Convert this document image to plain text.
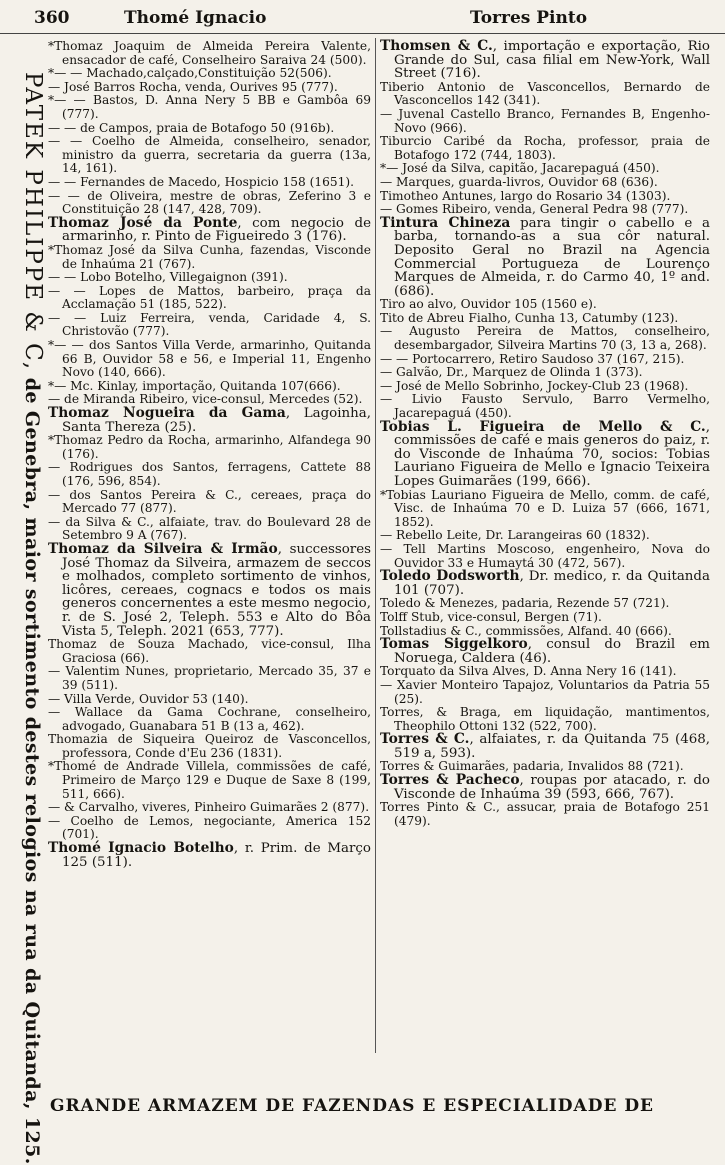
360	Thomé Ignacio	Torres Pinto
PATEK PHILIPPE & C, de Genebra, maior sortimento destes relogios na rua da Quitanda, 125.
*Thomaz Joaquim de Almeida Pereira Valente, ensacador de café, Conselheiro Saraiva 24 (500).
*— — Machado,calçado,Constituição 52(506).
— José Barros Rocha, venda, Ourives 95 (777).
*— — Bastos, D. Anna Nery 5 BB e Gambôa 69 (777).
— — de Campos, praia de Botafogo 50 (916b).
— — Coelho de Almeida, conselheiro, senador, ministro da guerra, secretaria da guerra (13a, 14, 161).
— — Fernandes de Macedo, Hospicio 158 (1651).
— — de Oliveira, mestre de obras, Zeferino 3 e Constituição 28 (147, 428, 709).
Thomaz José da Ponte, com negocio de armarinho, r. Pinto de Figueiredo 3 (176).
*Thomaz José da Silva Cunha, fazendas, Visconde de Inhaúma 21 (767).
— — Lobo Botelho, Villegaignon (391).
— — Lopes de Mattos, barbeiro, praça da Acclamação 51 (185, 522).
— — Luiz Ferreira, venda, Caridade 4, S. Christovão (777).
*— — dos Santos Villa Verde, armarinho, Quitanda 66 B, Ouvidor 58 e 56, e Imperial 11, Engenho Novo (140, 666).
*— Mc. Kinlay, importação, Quitanda 107(666).
— de Miranda Ribeiro, vice-consul, Mercedes (52).
Thomaz Nogueira da Gama, Lagoinha, Santa Thereza (25).
*Thomaz Pedro da Rocha, armarinho, Alfandega 90 (176).
— Rodrigues dos Santos, ferragens, Cattete 88 (176, 596, 854).
— dos Santos Pereira & C., cereaes, praça do Mercado 77 (877).
— da Silva & C., alfaiate, trav. do Boulevard 28 de Setembro 9 A (767).
Thomaz da Silveira & Irmão, successores José Thomaz da Silveira, armazem de seccos e molhados, completo sortimento de vinhos, licôres, cereaes, cognacs e todos os mais generos concernentes a este mesmo negocio, r. de S. José 2, Teleph. 553 e Alto do Bôa Vista 5, Teleph. 2021 (653, 777).
Thomaz de Souza Machado, vice-consul, Ilha Graciosa (66).
— Valentim Nunes, proprietario, Mercado 35, 37 e 39 (511).
— Villa Verde, Ouvidor 53 (140).
— Wallace da Gama Cochrane, conselheiro, advogado, Guanabara 51 B (13 a, 462).
Thomazia de Siqueira Queiroz de Vasconcellos, professora, Conde d'Eu 236 (1831).
*Thomé de Andrade Villela, commissões de café, Primeiro de Março 129 e Duque de Saxe 8 (199, 511, 666).
— & Carvalho, viveres, Pinheiro Guimarães 2 (877).
— Coelho de Lemos, negociante, America 152 (701).
Thomé Ignacio Botelho, r. Prim. de Março 125 (511).
Thomsen & C., importação e exportação, Rio Grande do Sul, casa filial em New-York, Wall Street (716).
Tiberio Antonio de Vasconcellos, Bernardo de Vasconcellos 142 (341).
— Juvenal Castello Branco, Fernandes B, Engenho-Novo (966).
Tiburcio Caribé da Rocha, professor, praia de Botafogo 172 (744, 1803).
*— José da Silva, capitão, Jacarepaguá (450).
— Marques, guarda-livros, Ouvidor 68 (636).
Timotheo Antunes, largo do Rosario 34 (1303).
— Gomes Ribeiro, venda, General Pedra 98 (777).
Tintura Chineza para tingir o cabello e a barba, tornando-as a sua côr natural. Deposito Geral no Brazil na Agencia Commercial Portugueza de Lourenço Marques de Almeida, r. do Carmo 40, 1º and. (686).
Tiro ao alvo, Ouvidor 105 (1560 e).
Tito de Abreu Fialho, Cunha 13, Catumby (123).
— Augusto Pereira de Mattos, conselheiro, desembargador, Silveira Martins 70 (3, 13 a, 268).
— — Portocarrero, Retiro Saudoso 37 (167, 215).
— Galvão, Dr., Marquez de Olinda 1 (373).
— José de Mello Sobrinho, Jockey-Club 23 (1968).
— Livio Fausto Servulo, Barro Vermelho, Jacarepaguá (450).
Tobias L. Figueira de Mello & C., commissões de café e mais generos do paiz, r. do Visconde de Inhaúma 70, socios: Tobias Lauriano Figueira de Mello e Ignacio Teixeira Lopes Guimarães (199, 666).
*Tobias Lauriano Figueira de Mello, comm. de café, Visc. de Inhaúma 70 e D. Luiza 57 (666, 1671, 1852).
— Rebello Leite, Dr. Larangeiras 60 (1832).
— Tell Martins Moscoso, engenheiro, Nova do Ouvidor 33 e Humaytá 30 (472, 567).
Toledo Dodsworth, Dr. medico, r. da Quitanda 101 (707).
Toledo & Menezes, padaria, Rezende 57 (721).
Tolff Stub, vice-consul, Bergen (71).
Tollstadius & C., commissões, Alfand. 40 (666).
Tomas Siggelkoro, consul do Brazil em Noruega, Caldera (46).
Torquato da Silva Alves, D. Anna Nery 16 (141).
— Xavier Monteiro Tapajoz, Voluntarios da Patria 55 (25).
Torres, & Braga, em liquidação, mantimentos, Theophilo Ottoni 132 (522, 700).
Torres & C., alfaiates, r. da Quitanda 75 (468, 519 a, 593).
Torres & Guimarães, padaria, Invalidos 88 (721).
Torres & Pacheco, roupas por atacado, r. do Visconde de Inhaúma 39 (593, 666, 767).
Torres Pinto & C., assucar, praia de Botafogo 251 (479).
GRANDE ARMAZEM DE FAZENDAS E ESPECIALIDADE DE
